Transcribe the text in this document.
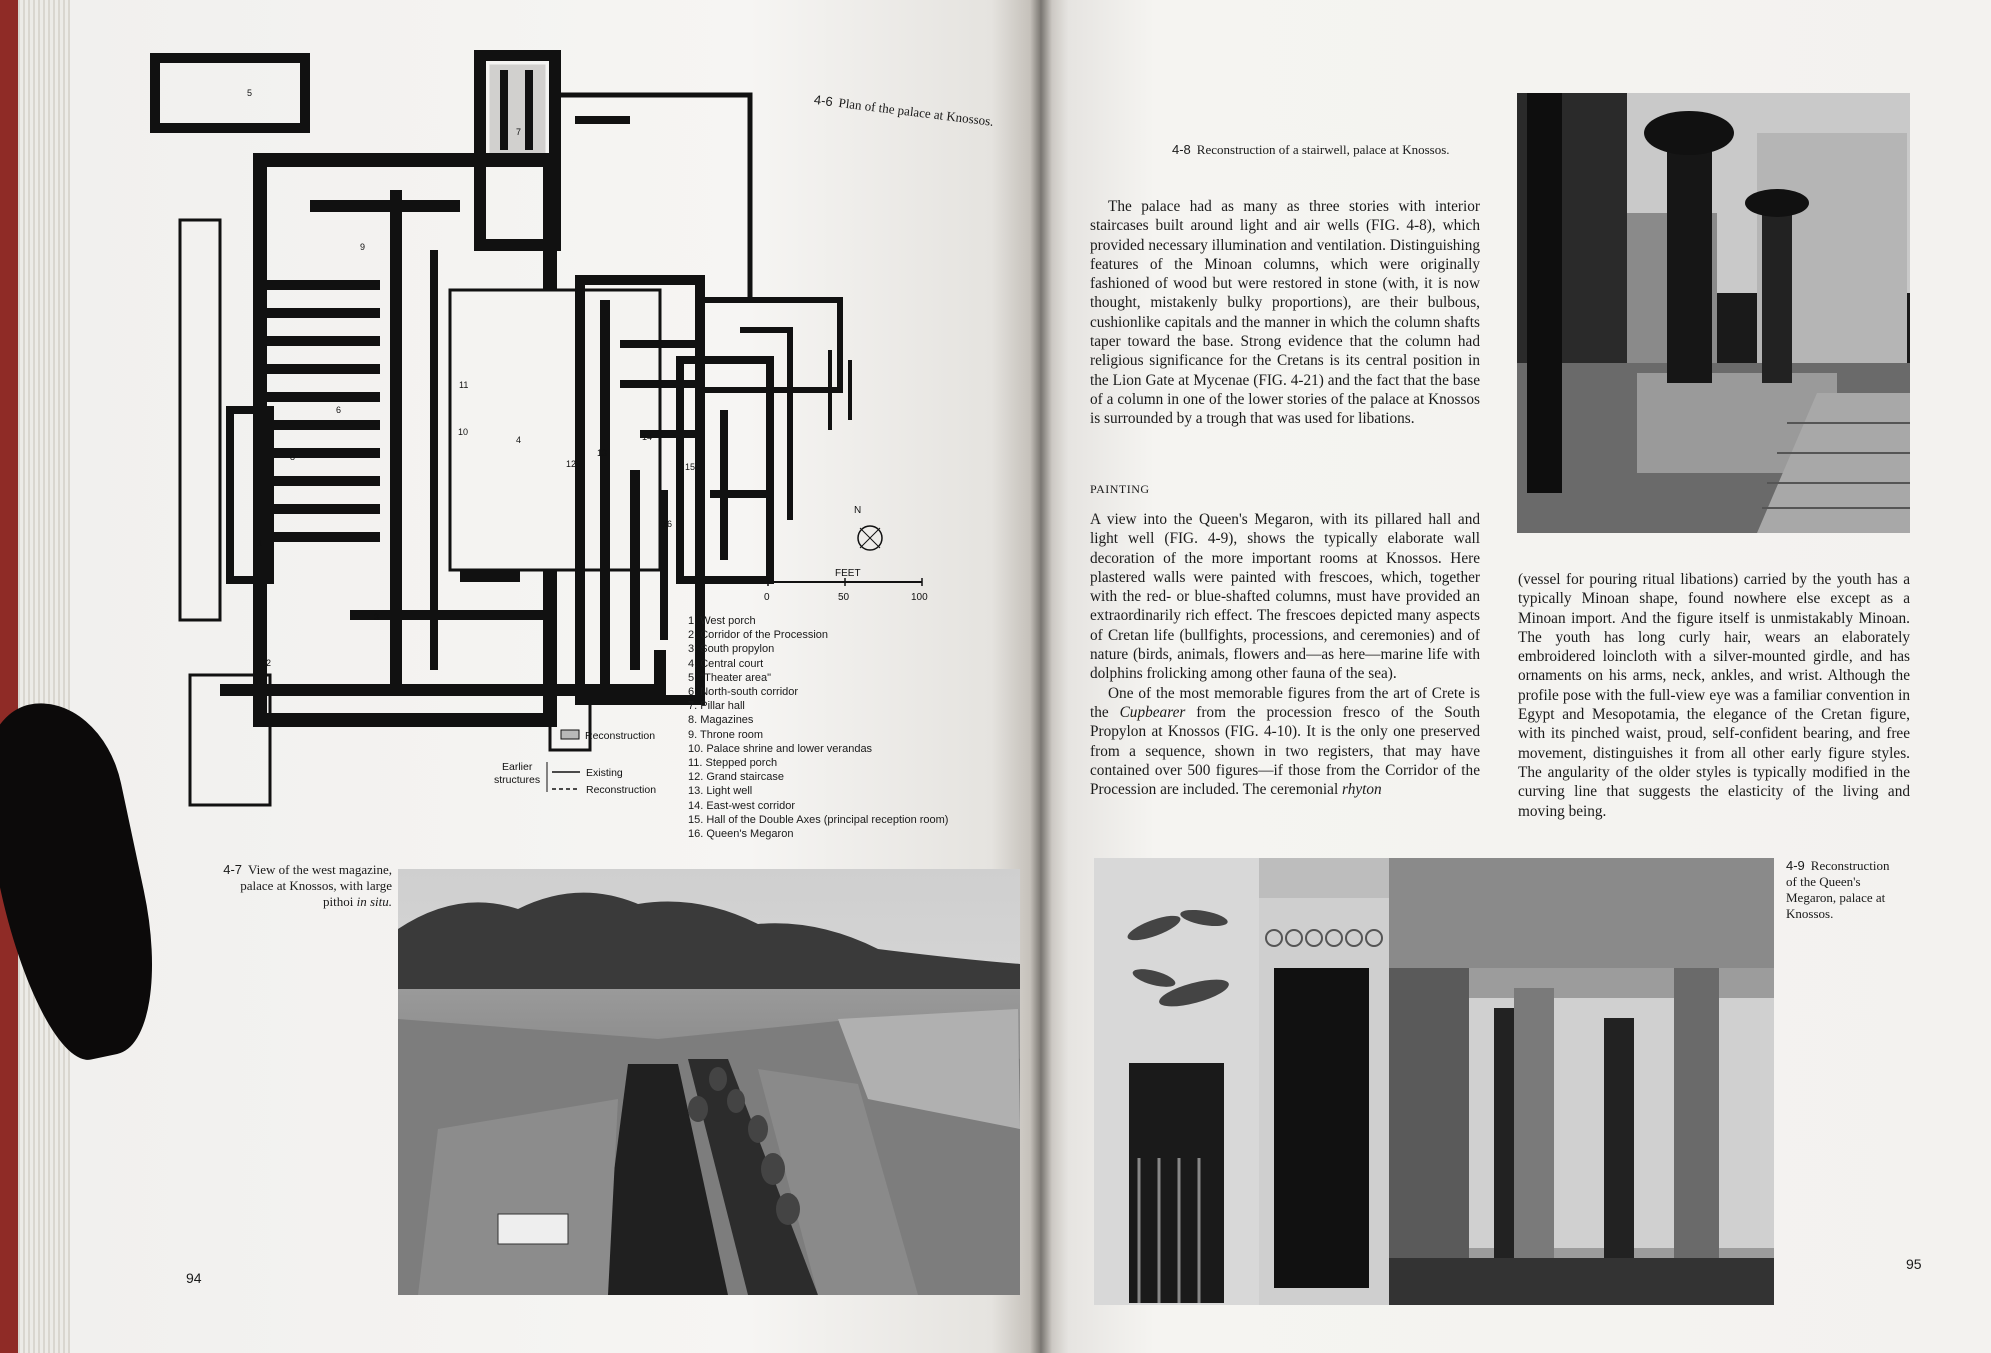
1
2
3
4
5
6
7
8
9
10
11
12
13
14
15
16
N
FEET
0	50	100
Reconstruction
Earlier
structures
Existing
Reconstruction
4-6 Plan of the palace at Knossos.
1. West porch
2. Corridor of the Procession
3. South propylon
4. Central court
5. "Theater area"
6. North-south corridor
7. Pillar hall
8. Magazines
9. Throne room
10. Palace shrine and lower verandas
11. Stepped porch
12. Grand staircase
13. Light well
14. East-west corridor
15. Hall of the Double Axes (principal reception room)
16. Queen's Megaron
4-7 View of the west magazine,
palace at Knossos, with large
pithoi in situ.
94
4-8 Reconstruction of a stairwell, palace at Knossos.

The palace had as many as three stories with interior staircases built around light and air wells (FIG. 4-8), which provided necessary illumination and ventilation. Distinguishing features of the Minoan columns, which were originally fashioned of wood but were restored in stone (with, it is now thought, mistakenly bulky proportions), are their bulbous, cushionlike capitals and the manner in which the column shafts taper toward the base. Strong evidence that the column had religious significance for the Cretans is its central position in the Lion Gate at Mycenae (FIG. 4-21) and the fact that the base of a column in one of the lower stories of the palace at Knossos is surrounded by a trough that was used for libations.

PAINTING

A view into the Queen's Megaron, with its pillared hall and light well (FIG. 4-9), shows the typically elaborate wall decoration of the more important rooms at Knossos. Here plastered walls were painted with frescoes, which, together with the red- or blue-shafted columns, must have provided an extraordinarily rich effect. The frescoes depicted many aspects of Cretan life (bullfights, processions, and ceremonies) and of nature (birds, animals, flowers and—as here—marine life with dolphins frolicking among other fauna of the sea).

One of the most memorable figures from the art of Crete is the Cupbearer from the procession fresco of the South Propylon at Knossos (FIG. 4-10). It is the only one preserved from a sequence, shown in two registers, that may have contained over 500 figures—if those from the Corridor of the Procession are included. The ceremonial rhyton

(vessel for pouring ritual libations) carried by the youth has a typically Minoan shape, found nowhere else except as a Minoan import. And the figure itself is unmistakably Minoan. The youth has long curly hair, wears an elaborately embroidered loincloth with a silver-mounted girdle, and has ornaments on his arms, neck, ankles, and wrist. Although the profile pose with the full-view eye was a familiar convention in Egypt and Mesopotamia, the elegance of the Cretan figure, with its pinched waist, proud, self-confident bearing, and free movement, distinguishes it from all other early figure styles. The angularity of the older styles is typically modified in the curving line that suggests the elasticity of the living and moving being.

4-9 Reconstruction
of the Queen's
Megaron, palace at
Knossos.
95
